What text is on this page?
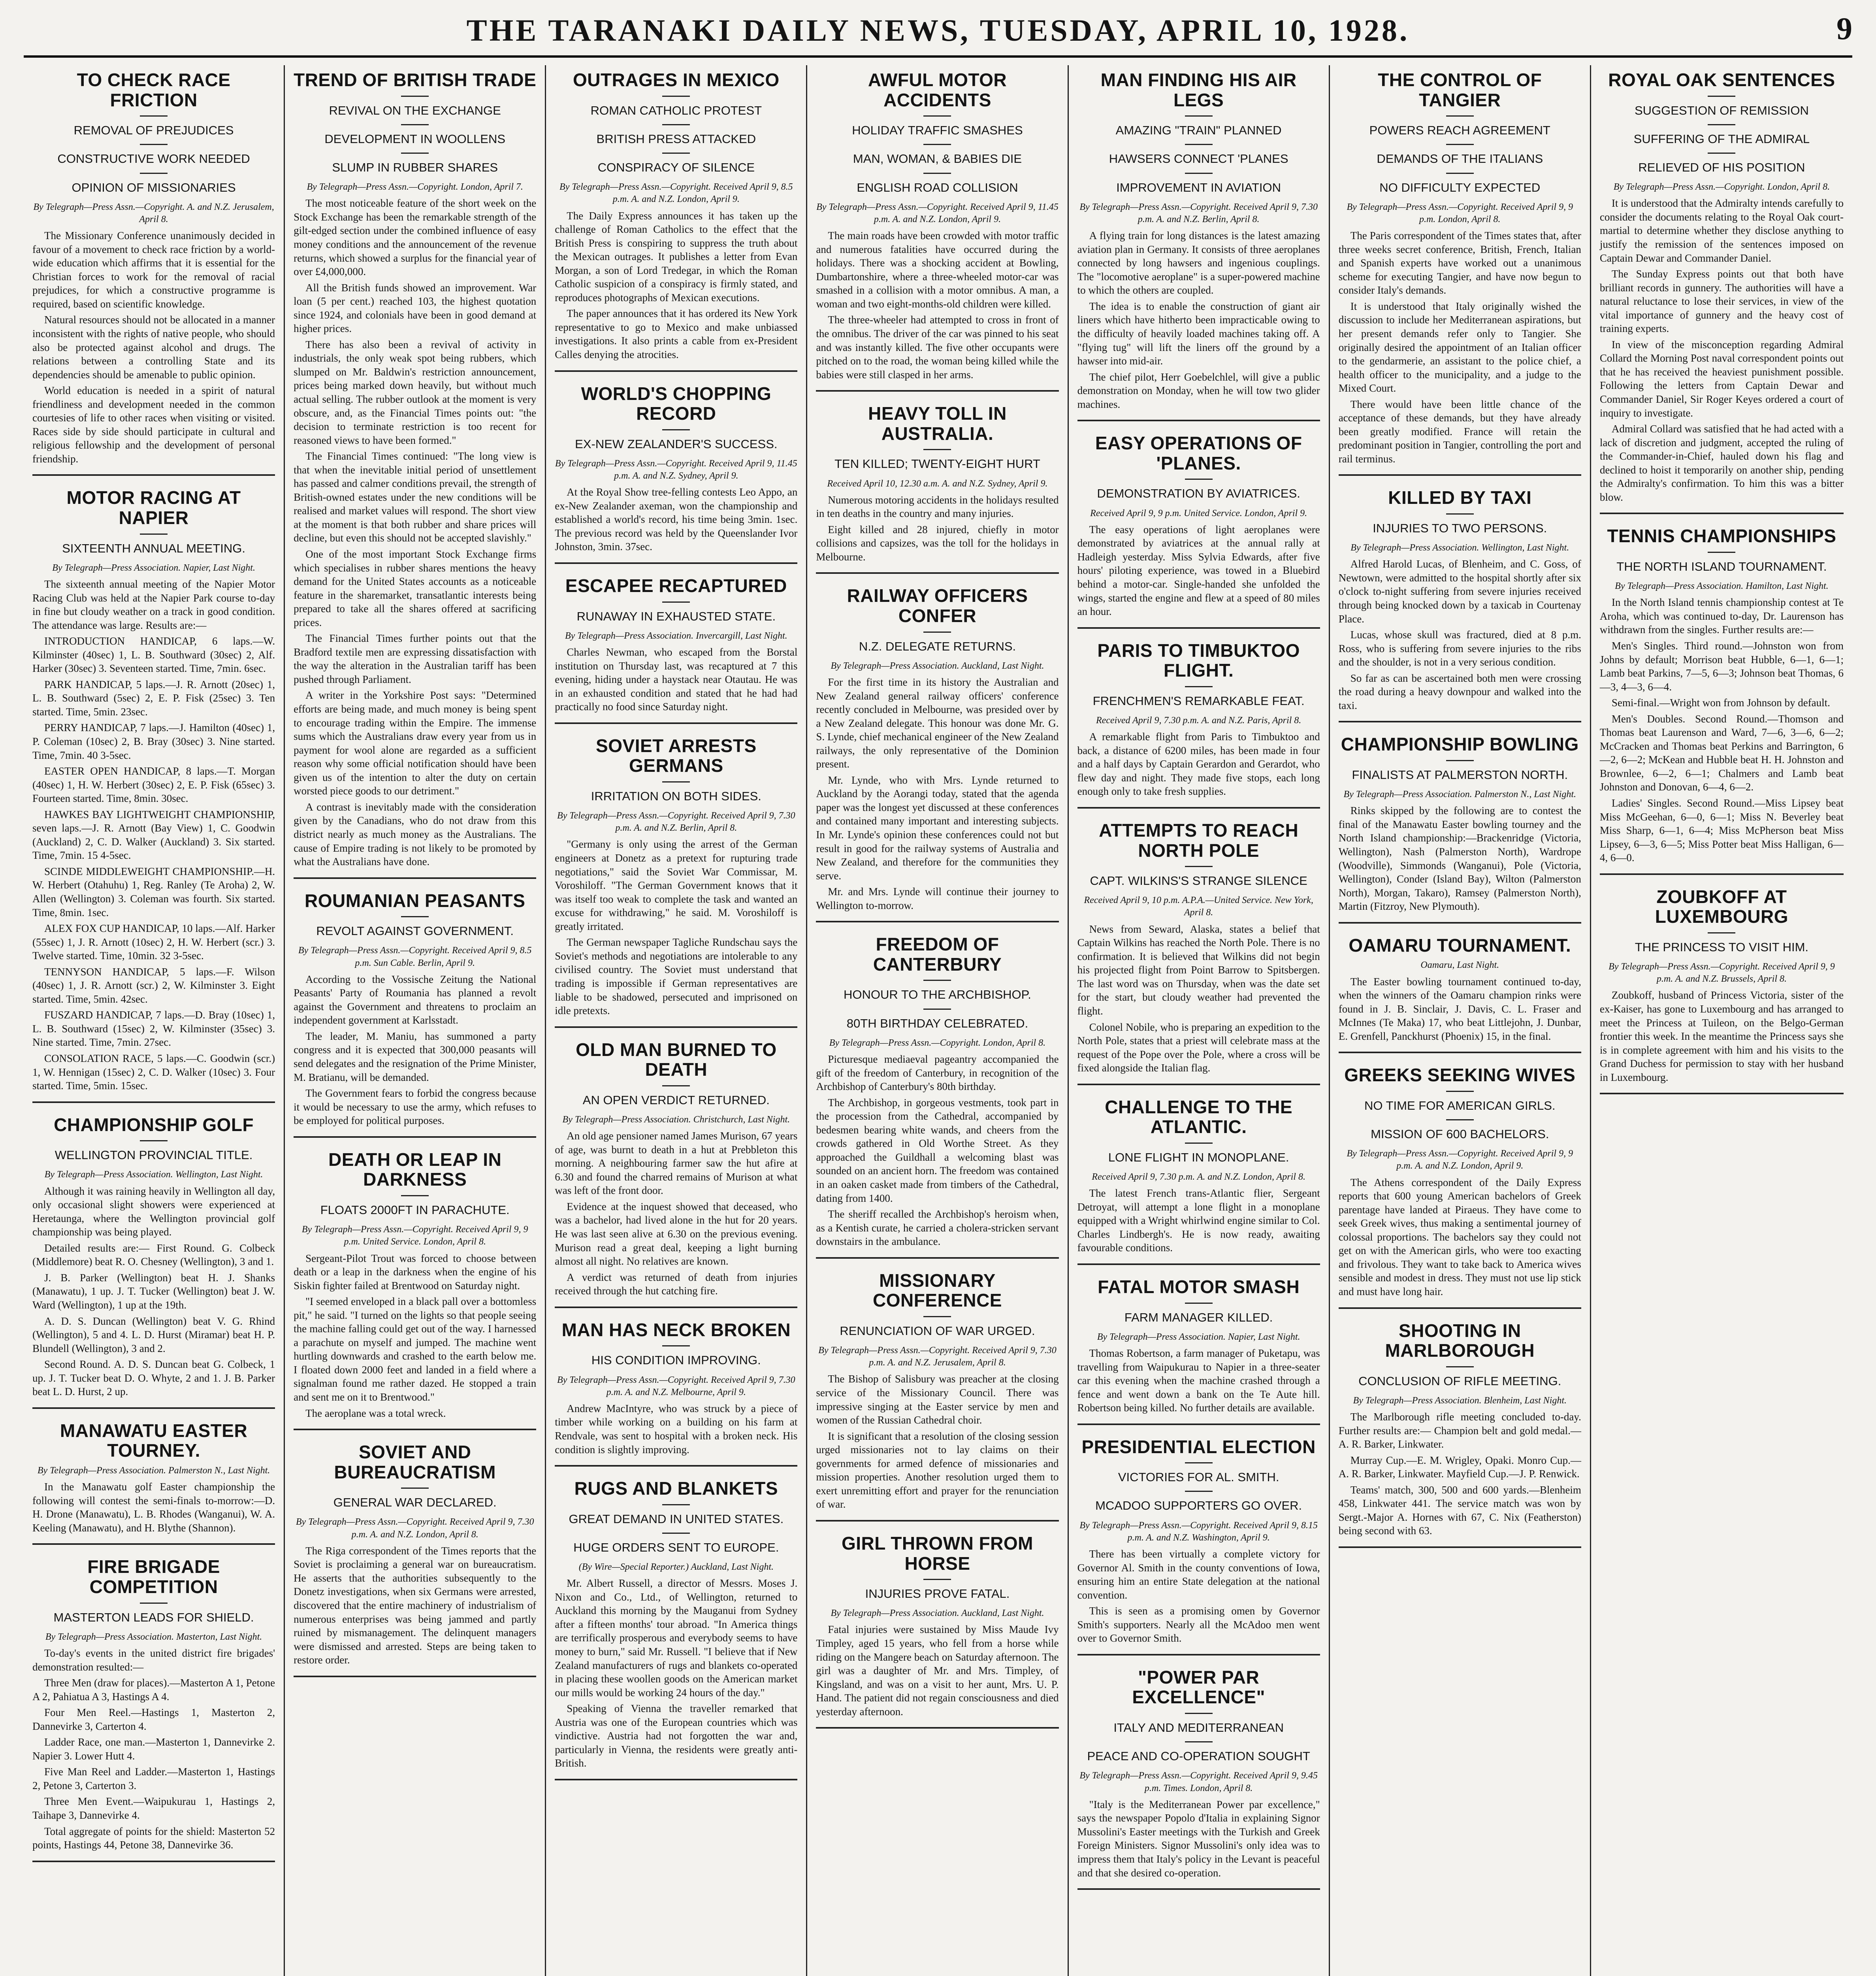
THE TARANAKI DAILY NEWS, TUESDAY, APRIL 10, 1928.	9
TO CHECK RACE FRICTION
REMOVAL OF PREJUDICES
CONSTRUCTIVE WORK NEEDED
OPINION OF MISSIONARIES
By Telegraph—Press Assn.—Copyright. A. and N.Z. Jerusalem, April 8.

The Missionary Conference unanimously decided in favour of a movement to check race friction by a world-wide education which affirms that it is essential for the Christian forces to work for the removal of racial prejudices, for which a constructive programme is required, based on scientific knowledge.

Natural resources should not be allocated in a manner inconsistent with the rights of native people, who should also be protected against alcohol and drugs. The relations between a controlling State and its dependencies should be amenable to public opinion.

World education is needed in a spirit of natural friendliness and development needed in the common courtesies of life to other races when visiting or visited. Races side by side should participate in cultural and religious fellowship and the development of personal friendship.

MOTOR RACING AT NAPIER
SIXTEENTH ANNUAL MEETING.
By Telegraph—Press Association. Napier, Last Night.

The sixteenth annual meeting of the Napier Motor Racing Club was held at the Napier Park course to-day in fine but cloudy weather on a track in good condition. The attendance was large. Results are:—

INTRODUCTION HANDICAP, 6 laps.—W. Kilminster (40sec) 1, L. B. Southward (30sec) 2, Alf. Harker (30sec) 3. Seventeen started. Time, 7min. 6sec.

PARK HANDICAP, 5 laps.—J. R. Arnott (20sec) 1, L. B. Southward (5sec) 2, E. P. Fisk (25sec) 3. Ten started. Time, 5min. 23sec.

PERRY HANDICAP, 7 laps.—J. Hamilton (40sec) 1, P. Coleman (10sec) 2, B. Bray (30sec) 3. Nine started. Time, 7min. 40 3-5sec.

EASTER OPEN HANDICAP, 8 laps.—T. Morgan (40sec) 1, H. W. Herbert (30sec) 2, E. P. Fisk (65sec) 3. Fourteen started. Time, 8min. 30sec.

HAWKES BAY LIGHTWEIGHT CHAMPIONSHIP, seven laps.—J. R. Arnott (Bay View) 1, C. Goodwin (Auckland) 2, C. D. Walker (Auckland) 3. Six started. Time, 7min. 15 4-5sec.

SCINDE MIDDLEWEIGHT CHAMPIONSHIP.—H. W. Herbert (Otahuhu) 1, Reg. Ranley (Te Aroha) 2, W. Allen (Wellington) 3. Coleman was fourth. Six started. Time, 8min. 1sec.

ALEX FOX CUP HANDICAP, 10 laps.—Alf. Harker (55sec) 1, J. R. Arnott (10sec) 2, H. W. Herbert (scr.) 3. Twelve started. Time, 10min. 32 3-5sec.

TENNYSON HANDICAP, 5 laps.—F. Wilson (40sec) 1, J. R. Arnott (scr.) 2, W. Kilminster 3. Eight started. Time, 5min. 42sec.

FUSZARD HANDICAP, 7 laps.—D. Bray (10sec) 1, L. B. Southward (15sec) 2, W. Kilminster (35sec) 3. Nine started. Time, 7min. 27sec.

CONSOLATION RACE, 5 laps.—C. Goodwin (scr.) 1, W. Hennigan (15sec) 2, C. D. Walker (10sec) 3. Four started. Time, 5min. 15sec.

CHAMPIONSHIP GOLF
WELLINGTON PROVINCIAL TITLE.
By Telegraph—Press Association. Wellington, Last Night.

Although it was raining heavily in Wellington all day, only occasional slight showers were experienced at Heretaunga, where the Wellington provincial golf championship was being played.

Detailed results are:— First Round. G. Colbeck (Middlemore) beat R. O. Chesney (Wellington), 3 and 1.

J. B. Parker (Wellington) beat H. J. Shanks (Manawatu), 1 up. J. T. Tucker (Wellington) beat J. W. Ward (Wellington), 1 up at the 19th.

A. D. S. Duncan (Wellington) beat V. G. Rhind (Wellington), 5 and 4. L. D. Hurst (Miramar) beat H. P. Blundell (Wellington), 3 and 2.

Second Round. A. D. S. Duncan beat G. Colbeck, 1 up. J. T. Tucker beat D. O. Whyte, 2 and 1. J. B. Parker beat L. D. Hurst, 2 up.

MANAWATU EASTER TOURNEY.
By Telegraph—Press Association. Palmerston N., Last Night.

In the Manawatu golf Easter championship the following will contest the semi-finals to-morrow:—D. H. Drone (Manawatu), L. B. Rhodes (Wanganui), W. A. Keeling (Manawatu), and H. Blythe (Shannon).

FIRE BRIGADE COMPETITION
MASTERTON LEADS FOR SHIELD.
By Telegraph—Press Association. Masterton, Last Night.

To-day's events in the united district fire brigades' demonstration resulted:—

Three Men (draw for places).—Masterton A 1, Petone A 2, Pahiatua A 3, Hastings A 4.

Four Men Reel.—Hastings 1, Masterton 2, Dannevirke 3, Carterton 4.

Ladder Race, one man.—Masterton 1, Dannevirke 2. Napier 3. Lower Hutt 4.

Five Man Reel and Ladder.—Masterton 1, Hastings 2, Petone 3, Carterton 3.

Three Men Event.—Waipukurau 1, Hastings 2, Taihape 3, Dannevirke 4.

Total aggregate of points for the shield: Masterton 52 points, Hastings 44, Petone 38, Dannevirke 36.

TREND OF BRITISH TRADE
REVIVAL ON THE EXCHANGE
DEVELOPMENT IN WOOLLENS
SLUMP IN RUBBER SHARES
By Telegraph—Press Assn.—Copyright. London, April 7.

The most noticeable feature of the short week on the Stock Exchange has been the remarkable strength of the gilt-edged section under the combined influence of easy money conditions and the announcement of the revenue returns, which showed a surplus for the financial year of over £4,000,000.

All the British funds showed an improvement. War loan (5 per cent.) reached 103, the highest quotation since 1924, and colonials have been in good demand at higher prices.

There has also been a revival of activity in industrials, the only weak spot being rubbers, which slumped on Mr. Baldwin's restriction announcement, prices being marked down heavily, but without much actual selling. The rubber outlook at the moment is very obscure, and, as the Financial Times points out: "the decision to terminate restriction is too recent for reasoned views to have been formed."

The Financial Times continued: "The long view is that when the inevitable initial period of unsettlement has passed and calmer conditions prevail, the strength of British-owned estates under the new conditions will be realised and market values will respond. The short view at the moment is that both rubber and share prices will decline, but even this should not be accepted slavishly."

One of the most important Stock Exchange firms which specialises in rubber shares mentions the heavy demand for the United States accounts as a noticeable feature in the sharemarket, transatlantic interests being prepared to take all the shares offered at sacrificing prices.

The Financial Times further points out that the Bradford textile men are expressing dissatisfaction with the way the alteration in the Australian tariff has been pushed through Parliament.

A writer in the Yorkshire Post says: "Determined efforts are being made, and much money is being spent to encourage trading within the Empire. The immense sums which the Australians draw every year from us in payment for wool alone are regarded as a sufficient reason why some official notification should have been given us of the intention to alter the duty on certain worsted piece goods to our detriment."

A contrast is inevitably made with the consideration given by the Canadians, who do not draw from this district nearly as much money as the Australians. The cause of Empire trading is not likely to be promoted by what the Australians have done.

ROUMANIAN PEASANTS
REVOLT AGAINST GOVERNMENT.
By Telegraph—Press Assn.—Copyright. Received April 9, 8.5 p.m. Sun Cable. Berlin, April 9.

According to the Vossische Zeitung the National Peasants' Party of Roumania has planned a revolt against the Government and threatens to proclaim an independent government at Karlsstadt.

The leader, M. Maniu, has summoned a party congress and it is expected that 300,000 peasants will send delegates and the resignation of the Prime Minister, M. Bratianu, will be demanded.

The Government fears to forbid the congress because it would be necessary to use the army, which refuses to be employed for political purposes.

DEATH OR LEAP IN DARKNESS
FLOATS 2000FT IN PARACHUTE.
By Telegraph—Press Assn.—Copyright. Received April 9, 9 p.m. United Service. London, April 8.

Sergeant-Pilot Trout was forced to choose between death or a leap in the darkness when the engine of his Siskin fighter failed at Brentwood on Saturday night.

"I seemed enveloped in a black pall over a bottomless pit," he said. "I turned on the lights so that people seeing the machine falling could get out of the way. I harnessed a parachute on myself and jumped. The machine went hurtling downwards and crashed to the earth below me. I floated down 2000 feet and landed in a field where a signalman found me rather dazed. He stopped a train and sent me on it to Brentwood."

The aeroplane was a total wreck.

SOVIET AND BUREAUCRATISM
GENERAL WAR DECLARED.
By Telegraph—Press Assn.—Copyright. Received April 9, 7.30 p.m. A. and N.Z. London, April 8.

The Riga correspondent of the Times reports that the Soviet is proclaiming a general war on bureaucratism. He asserts that the authorities subsequently to the Donetz investigations, when six Germans were arrested, discovered that the entire machinery of industrialism of numerous enterprises was being jammed and partly ruined by mismanagement. The delinquent managers were dismissed and arrested. Steps are being taken to restore order.

OUTRAGES IN MEXICO
ROMAN CATHOLIC PROTEST
BRITISH PRESS ATTACKED
CONSPIRACY OF SILENCE
By Telegraph—Press Assn.—Copyright. Received April 9, 8.5 p.m. A. and N.Z. London, April 9.

The Daily Express announces it has taken up the challenge of Roman Catholics to the effect that the British Press is conspiring to suppress the truth about the Mexican outrages. It publishes a letter from Evan Morgan, a son of Lord Tredegar, in which the Roman Catholic suspicion of a conspiracy is firmly stated, and reproduces photographs of Mexican executions.

The paper announces that it has ordered its New York representative to go to Mexico and make unbiassed investigations. It also prints a cable from ex-President Calles denying the atrocities.

WORLD'S CHOPPING RECORD
EX-NEW ZEALANDER'S SUCCESS.
By Telegraph—Press Assn.—Copyright. Received April 9, 11.45 p.m. A. and N.Z. Sydney, April 9.

At the Royal Show tree-felling contests Leo Appo, an ex-New Zealander axeman, won the championship and established a world's record, his time being 3min. 1sec. The previous record was held by the Queenslander Ivor Johnston, 3min. 37sec.

ESCAPEE RECAPTURED
RUNAWAY IN EXHAUSTED STATE.
By Telegraph—Press Association. Invercargill, Last Night.

Charles Newman, who escaped from the Borstal institution on Thursday last, was recaptured at 7 this evening, hiding under a haystack near Otautau. He was in an exhausted condition and stated that he had had practically no food since Saturday night.

SOVIET ARRESTS GERMANS
IRRITATION ON BOTH SIDES.
By Telegraph—Press Assn.—Copyright. Received April 9, 7.30 p.m. A. and N.Z. Berlin, April 8.

"Germany is only using the arrest of the German engineers at Donetz as a pretext for rupturing trade negotiations," said the Soviet War Commissar, M. Voroshiloff. "The German Government knows that it was itself too weak to complete the task and wanted an excuse for withdrawing," he said. M. Voroshiloff is greatly irritated.

The German newspaper Tagliche Rundschau says the Soviet's methods and negotiations are intolerable to any civilised country. The Soviet must understand that trading is impossible if German representatives are liable to be shadowed, persecuted and imprisoned on idle pretexts.

OLD MAN BURNED TO DEATH
AN OPEN VERDICT RETURNED.
By Telegraph—Press Association. Christchurch, Last Night.

An old age pensioner named James Murison, 67 years of age, was burnt to death in a hut at Prebbleton this morning. A neighbouring farmer saw the hut afire at 6.30 and found the charred remains of Murison at what was left of the front door.

Evidence at the inquest showed that deceased, who was a bachelor, had lived alone in the hut for 20 years. He was last seen alive at 6.30 on the previous evening. Murison read a great deal, keeping a light burning almost all night. No relatives are known.

A verdict was returned of death from injuries received through the hut catching fire.

MAN HAS NECK BROKEN
HIS CONDITION IMPROVING.
By Telegraph—Press Assn.—Copyright. Received April 9, 7.30 p.m. A. and N.Z. Melbourne, April 9.

Andrew MacIntyre, who was struck by a piece of timber while working on a building on his farm at Rendvale, was sent to hospital with a broken neck. His condition is slightly improving.

RUGS AND BLANKETS
GREAT DEMAND IN UNITED STATES.
HUGE ORDERS SENT TO EUROPE.
(By Wire—Special Reporter.) Auckland, Last Night.

Mr. Albert Russell, a director of Messrs. Moses J. Nixon and Co., Ltd., of Wellington, returned to Auckland this morning by the Mauganui from Sydney after a fifteen months' tour abroad. "In America things are terrifically prosperous and everybody seems to have money to burn," said Mr. Russell. "I believe that if New Zealand manufacturers of rugs and blankets co-operated in placing these woollen goods on the American market our mills would be working 24 hours of the day."

Speaking of Vienna the traveller remarked that Austria was one of the European countries which was vindictive. Austria had not forgotten the war and, particularly in Vienna, the residents were greatly anti-British.

AWFUL MOTOR ACCIDENTS
HOLIDAY TRAFFIC SMASHES
MAN, WOMAN, & BABIES DIE
ENGLISH ROAD COLLISION
By Telegraph—Press Assn.—Copyright. Received April 9, 11.45 p.m. A. and N.Z. London, April 9.

The main roads have been crowded with motor traffic and numerous fatalities have occurred during the holidays. There was a shocking accident at Bowling, Dumbartonshire, where a three-wheeled motor-car was smashed in a collision with a motor omnibus. A man, a woman and two eight-months-old children were killed.

The three-wheeler had attempted to cross in front of the omnibus. The driver of the car was pinned to his seat and was instantly killed. The five other occupants were pitched on to the road, the woman being killed while the babies were still clasped in her arms.

HEAVY TOLL IN AUSTRALIA.
TEN KILLED; TWENTY-EIGHT HURT
Received April 10, 12.30 a.m. A. and N.Z. Sydney, April 9.

Numerous motoring accidents in the holidays resulted in ten deaths in the country and many injuries.

Eight killed and 28 injured, chiefly in motor collisions and capsizes, was the toll for the holidays in Melbourne.

RAILWAY OFFICERS CONFER
N.Z. DELEGATE RETURNS.
By Telegraph—Press Association. Auckland, Last Night.

For the first time in its history the Australian and New Zealand general railway officers' conference recently concluded in Melbourne, was presided over by a New Zealand delegate. This honour was done Mr. G. S. Lynde, chief mechanical engineer of the New Zealand railways, the only representative of the Dominion present.

Mr. Lynde, who with Mrs. Lynde returned to Auckland by the Aorangi today, stated that the agenda paper was the longest yet discussed at these conferences and contained many important and interesting subjects. In Mr. Lynde's opinion these conferences could not but result in good for the railway systems of Australia and New Zealand, and therefore for the communities they serve.

Mr. and Mrs. Lynde will continue their journey to Wellington to-morrow.

FREEDOM OF CANTERBURY
HONOUR TO THE ARCHBISHOP.
80TH BIRTHDAY CELEBRATED.
By Telegraph—Press Assn.—Copyright. London, April 8.

Picturesque mediaeval pageantry accompanied the gift of the freedom of Canterbury, in recognition of the Archbishop of Canterbury's 80th birthday.

The Archbishop, in gorgeous vestments, took part in the procession from the Cathedral, accompanied by bedesmen bearing white wands, and cheers from the crowds gathered in Old Worthe Street. As they approached the Guildhall a welcoming blast was sounded on an ancient horn. The freedom was contained in an oaken casket made from timbers of the Cathedral, dating from 1400.

The sheriff recalled the Archbishop's heroism when, as a Kentish curate, he carried a cholera-stricken servant downstairs in the ambulance.

MISSIONARY CONFERENCE
RENUNCIATION OF WAR URGED.
By Telegraph—Press Assn.—Copyright. Received April 9, 7.30 p.m. A. and N.Z. Jerusalem, April 8.

The Bishop of Salisbury was preacher at the closing service of the Missionary Council. There was impressive singing at the Easter service by men and women of the Russian Cathedral choir.

It is significant that a resolution of the closing session urged missionaries not to lay claims on their governments for armed defence of missionaries and mission properties. Another resolution urged them to exert unremitting effort and prayer for the renunciation of war.

GIRL THROWN FROM HORSE
INJURIES PROVE FATAL.
By Telegraph—Press Association. Auckland, Last Night.

Fatal injuries were sustained by Miss Maude Ivy Timpley, aged 15 years, who fell from a horse while riding on the Mangere beach on Saturday afternoon. The girl was a daughter of Mr. and Mrs. Timpley, of Kingsland, and was on a visit to her aunt, Mrs. U. P. Hand. The patient did not regain consciousness and died yesterday afternoon.

MAN FINDING HIS AIR LEGS
AMAZING "TRAIN" PLANNED
HAWSERS CONNECT 'PLANES
IMPROVEMENT IN AVIATION
By Telegraph—Press Assn.—Copyright. Received April 9, 7.30 p.m. A. and N.Z. Berlin, April 8.

A flying train for long distances is the latest amazing aviation plan in Germany. It consists of three aeroplanes connected by long hawsers and ingenious couplings. The "locomotive aeroplane" is a super-powered machine to which the others are coupled.

The idea is to enable the construction of giant air liners which have hitherto been impracticable owing to the difficulty of heavily loaded machines taking off. A "flying tug" will lift the liners off the ground by a hawser into mid-air.

The chief pilot, Herr Goebelchlel, will give a public demonstration on Monday, when he will tow two glider machines.

EASY OPERATIONS OF 'PLANES.
DEMONSTRATION BY AVIATRICES.
Received April 9, 9 p.m. United Service. London, April 9.

The easy operations of light aeroplanes were demonstrated by aviatrices at the annual rally at Hadleigh yesterday. Miss Sylvia Edwards, after five hours' piloting experience, was towed in a Bluebird behind a motor-car. Single-handed she unfolded the wings, started the engine and flew at a speed of 80 miles an hour.

PARIS TO TIMBUKTOO FLIGHT.
FRENCHMEN'S REMARKABLE FEAT.
Received April 9, 7.30 p.m. A. and N.Z. Paris, April 8.

A remarkable flight from Paris to Timbuktoo and back, a distance of 6200 miles, has been made in four and a half days by Captain Gerardon and Gerardot, who flew day and night. They made five stops, each long enough only to take fresh supplies.

ATTEMPTS TO REACH NORTH POLE
CAPT. WILKINS'S STRANGE SILENCE
Received April 9, 10 p.m. A.P.A.—United Service. New York, April 8.

News from Seward, Alaska, states a belief that Captain Wilkins has reached the North Pole. There is no confirmation. It is believed that Wilkins did not begin his projected flight from Point Barrow to Spitsbergen. The last word was on Thursday, when was the date set for the start, but cloudy weather had prevented the flight.

Colonel Nobile, who is preparing an expedition to the North Pole, states that a priest will celebrate mass at the request of the Pope over the Pole, where a cross will be fixed alongside the Italian flag.

CHALLENGE TO THE ATLANTIC.
LONE FLIGHT IN MONOPLANE.
Received April 9, 7.30 p.m. A. and N.Z. London, April 8.

The latest French trans-Atlantic flier, Sergeant Detroyat, will attempt a lone flight in a monoplane equipped with a Wright whirlwind engine similar to Col. Charles Lindbergh's. He is now ready, awaiting favourable conditions.

FATAL MOTOR SMASH
FARM MANAGER KILLED.
By Telegraph—Press Association. Napier, Last Night.

Thomas Robertson, a farm manager of Puketapu, was travelling from Waipukurau to Napier in a three-seater car this evening when the machine crashed through a fence and went down a bank on the Te Aute hill. Robertson being killed. No further details are available.

PRESIDENTIAL ELECTION
VICTORIES FOR AL. SMITH.
MCADOO SUPPORTERS GO OVER.
By Telegraph—Press Assn.—Copyright. Received April 9, 8.15 p.m. A. and N.Z. Washington, April 9.

There has been virtually a complete victory for Governor Al. Smith in the county conventions of Iowa, ensuring him an entire State delegation at the national convention.

This is seen as a promising omen by Governor Smith's supporters. Nearly all the McAdoo men went over to Governor Smith.

"POWER PAR EXCELLENCE"
ITALY AND MEDITERRANEAN
PEACE AND CO-OPERATION SOUGHT
By Telegraph—Press Assn.—Copyright. Received April 9, 9.45 p.m. Times. London, April 8.

"Italy is the Mediterranean Power par excellence," says the newspaper Popolo d'Italia in explaining Signor Mussolini's Easter meetings with the Turkish and Greek Foreign Ministers. Signor Mussolini's only idea was to impress them that Italy's policy in the Levant is peaceful and that she desired co-operation.

THE CONTROL OF TANGIER
POWERS REACH AGREEMENT
DEMANDS OF THE ITALIANS
NO DIFFICULTY EXPECTED
By Telegraph—Press Assn.—Copyright. Received April 9, 9 p.m. London, April 8.

The Paris correspondent of the Times states that, after three weeks secret conference, British, French, Italian and Spanish experts have worked out a unanimous scheme for executing Tangier, and have now begun to consider Italy's demands.

It is understood that Italy originally wished the discussion to include her Mediterranean aspirations, but her present demands refer only to Tangier. She originally desired the appointment of an Italian officer to the gendarmerie, an assistant to the police chief, a health officer to the municipality, and a judge to the Mixed Court.

There would have been little chance of the acceptance of these demands, but they have already been greatly modified. France will retain the predominant position in Tangier, controlling the port and rail terminus.

KILLED BY TAXI
INJURIES TO TWO PERSONS.
By Telegraph—Press Association. Wellington, Last Night.

Alfred Harold Lucas, of Blenheim, and C. Goss, of Newtown, were admitted to the hospital shortly after six o'clock to-night suffering from severe injuries received through being knocked down by a taxicab in Courtenay Place.

Lucas, whose skull was fractured, died at 8 p.m. Ross, who is suffering from severe injuries to the ribs and the shoulder, is not in a very serious condition.

So far as can be ascertained both men were crossing the road during a heavy downpour and walked into the taxi.

CHAMPIONSHIP BOWLING
FINALISTS AT PALMERSTON NORTH.
By Telegraph—Press Association. Palmerston N., Last Night.

Rinks skipped by the following are to contest the final of the Manawatu Easter bowling tourney and the North Island championship:—Brackenridge (Victoria, Wellington), Nash (Palmerston North), Wardrope (Woodville), Simmonds (Wanganui), Pole (Victoria, Wellington), Conder (Island Bay), Wilton (Palmerston North), Morgan, Takaro), Ramsey (Palmerston North), Martin (Fitzroy, New Plymouth).

OAMARU TOURNAMENT.
Oamaru, Last Night.

The Easter bowling tournament continued to-day, when the winners of the Oamaru champion rinks were found in J. B. Sinclair, J. Davis, C. L. Fraser and McInnes (Te Maka) 17, who beat Littlejohn, J. Dunbar, E. Grenfell, Panckhurst (Phoenix) 15, in the final.

GREEKS SEEKING WIVES
NO TIME FOR AMERICAN GIRLS.
MISSION OF 600 BACHELORS.
By Telegraph—Press Assn.—Copyright. Received April 9, 9 p.m. A. and N.Z. London, April 9.

The Athens correspondent of the Daily Express reports that 600 young American bachelors of Greek parentage have landed at Piraeus. They have come to seek Greek wives, thus making a sentimental journey of colossal proportions. The bachelors say they could not get on with the American girls, who were too exacting and frivolous. They want to take back to America wives sensible and modest in dress. They must not use lip stick and must have long hair.

SHOOTING IN MARLBOROUGH
CONCLUSION OF RIFLE MEETING.
By Telegraph—Press Association. Blenheim, Last Night.

The Marlborough rifle meeting concluded to-day. Further results are:— Champion belt and gold medal.—A. R. Barker, Linkwater.

Murray Cup.—E. M. Wrigley, Opaki. Monro Cup.—A. R. Barker, Linkwater. Mayfield Cup.—J. P. Renwick.

Teams' match, 300, 500 and 600 yards.—Blenheim 458, Linkwater 441. The service match was won by Sergt.-Major A. Hornes with 67, C. Nix (Featherston) being second with 63.

ROYAL OAK SENTENCES
SUGGESTION OF REMISSION
SUFFERING OF THE ADMIRAL
RELIEVED OF HIS POSITION
By Telegraph—Press Assn.—Copyright. London, April 8.

It is understood that the Admiralty intends carefully to consider the documents relating to the Royal Oak court-martial to determine whether they disclose anything to justify the remission of the sentences imposed on Captain Dewar and Commander Daniel.

The Sunday Express points out that both have brilliant records in gunnery. The authorities will have a natural reluctance to lose their services, in view of the vital importance of gunnery and the heavy cost of training experts.

In view of the misconception regarding Admiral Collard the Morning Post naval correspondent points out that he has received the heaviest punishment possible. Following the letters from Captain Dewar and Commander Daniel, Sir Roger Keyes ordered a court of inquiry to investigate.

Admiral Collard was satisfied that he had acted with a lack of discretion and judgment, accepted the ruling of the Commander-in-Chief, hauled down his flag and declined to hoist it temporarily on another ship, pending the Admiralty's confirmation. To him this was a bitter blow.

TENNIS CHAMPIONSHIPS
THE NORTH ISLAND TOURNAMENT.
By Telegraph—Press Association. Hamilton, Last Night.

In the North Island tennis championship contest at Te Aroha, which was continued to-day, Dr. Laurenson has withdrawn from the singles. Further results are:—

Men's Singles. Third round.—Johnston won from Johns by default; Morrison beat Hubble, 6—1, 6—1; Lamb beat Parkins, 7—5, 6—3; Johnson beat Thomas, 6—3, 4—3, 6—4.

Semi-final.—Wright won from Johnson by default.

Men's Doubles. Second Round.—Thomson and Thomas beat Laurenson and Ward, 7—6, 3—6, 6—2; McCracken and Thomas beat Perkins and Barrington, 6—2, 6—2; McKean and Hubble beat H. H. Johnston and Brownlee, 6—2, 6—1; Chalmers and Lamb beat Johnston and Donovan, 6—4, 6—2.

Ladies' Singles. Second Round.—Miss Lipsey beat Miss McGeehan, 6—0, 6—1; Miss N. Beverley beat Miss Sharp, 6—1, 6—4; Miss McPherson beat Miss Lipsey, 6—3, 6—5; Miss Potter beat Miss Halligan, 6—4, 6—0.

ZOUBKOFF AT LUXEMBOURG
THE PRINCESS TO VISIT HIM.
By Telegraph—Press Assn.—Copyright. Received April 9, 9 p.m. A. and N.Z. Brussels, April 8.

Zoubkoff, husband of Princess Victoria, sister of the ex-Kaiser, has gone to Luxembourg and has arranged to meet the Princess at Tuileon, on the Belgo-German frontier this week. In the meantime the Princess says she is in complete agreement with him and his visits to the Grand Duchess for permission to stay with her husband in Luxembourg.
